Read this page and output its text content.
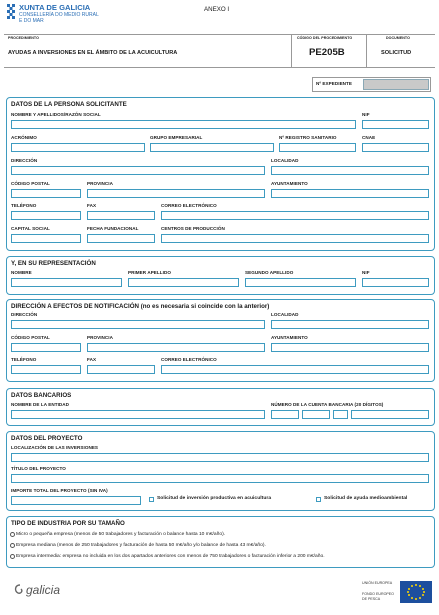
XUNTA DE GALICIA
CONSELLERÍA DO MEDIO RURAL
E DO MAR
ANEXO I
PROCEDIMIENTO
AYUDAS A INVERSIONES EN EL ÁMBITO DE LA ACUICULTURA
CÓDIGO DEL PROCEDIMIENTO
PE205B
DOCUMENTO
SOLICITUD
Nº EXPEDIENTE
DATOS DE LA PERSONA SOLICITANTE
NOMBRE Y APELLIDOS/RAZÓN SOCIAL	NIF
ACRÓNIMO	GRUPO EMPRESARIAL	Nº REGISTRO SANITARIO	CNAE
DIRECCIÓN	LOCALIDAD
CÓDIGO POSTAL	PROVINCIA	AYUNTAMIENTO
TELÉFONO	FAX	CORREO ELECTRÓNICO
CAPITAL SOCIAL	FECHA FUNDACIONAL	CENTROS DE PRODUCCIÓN
Y, EN SU REPRESENTACIÓN
NOMBRE	PRIMER APELLIDO	SEGUNDO APELLIDO	NIF
DIRECCIÓN A EFECTOS DE NOTIFICACIÓN (no es necesaria si coincide con la anterior)
DIRECCIÓN	LOCALIDAD
CÓDIGO POSTAL	PROVINCIA	AYUNTAMIENTO
TELÉFONO	FAX	CORREO ELECTRÓNICO
DATOS BANCARIOS
NOMBRE DE LA ENTIDAD	NÚMERO DE LA CUENTA BANCARIA (20 DÍGITOS)
DATOS DEL PROYECTO
LOCALIZACIÓN DE LAS INVERSIONES
TÍTULO DEL PROYECTO
IMPORTE TOTAL DEL PROYECTO (SIN IVA)
Solicitud de inversión productiva en acuicultura	Solicitud de ayuda medioambiental
TIPO DE INDUSTRIA POR SU TAMAÑO
Micro o pequeña empresa (menos de 50 trabajadores y facturación o balance hasta 10 m€/año).
Empresa mediana (menos de 250 trabajadores y facturación de hasta 50 m€/año y/o balance de hasta 43 m€/año).
Empresa intermedia: empresa no incluida en los dos apartados anteriores con menos de 750 trabajadores o facturación inferior a 200 m€/año.
galicia	UNIÓN EUROPEA
FONDO EUROPEO
DE PESCA
